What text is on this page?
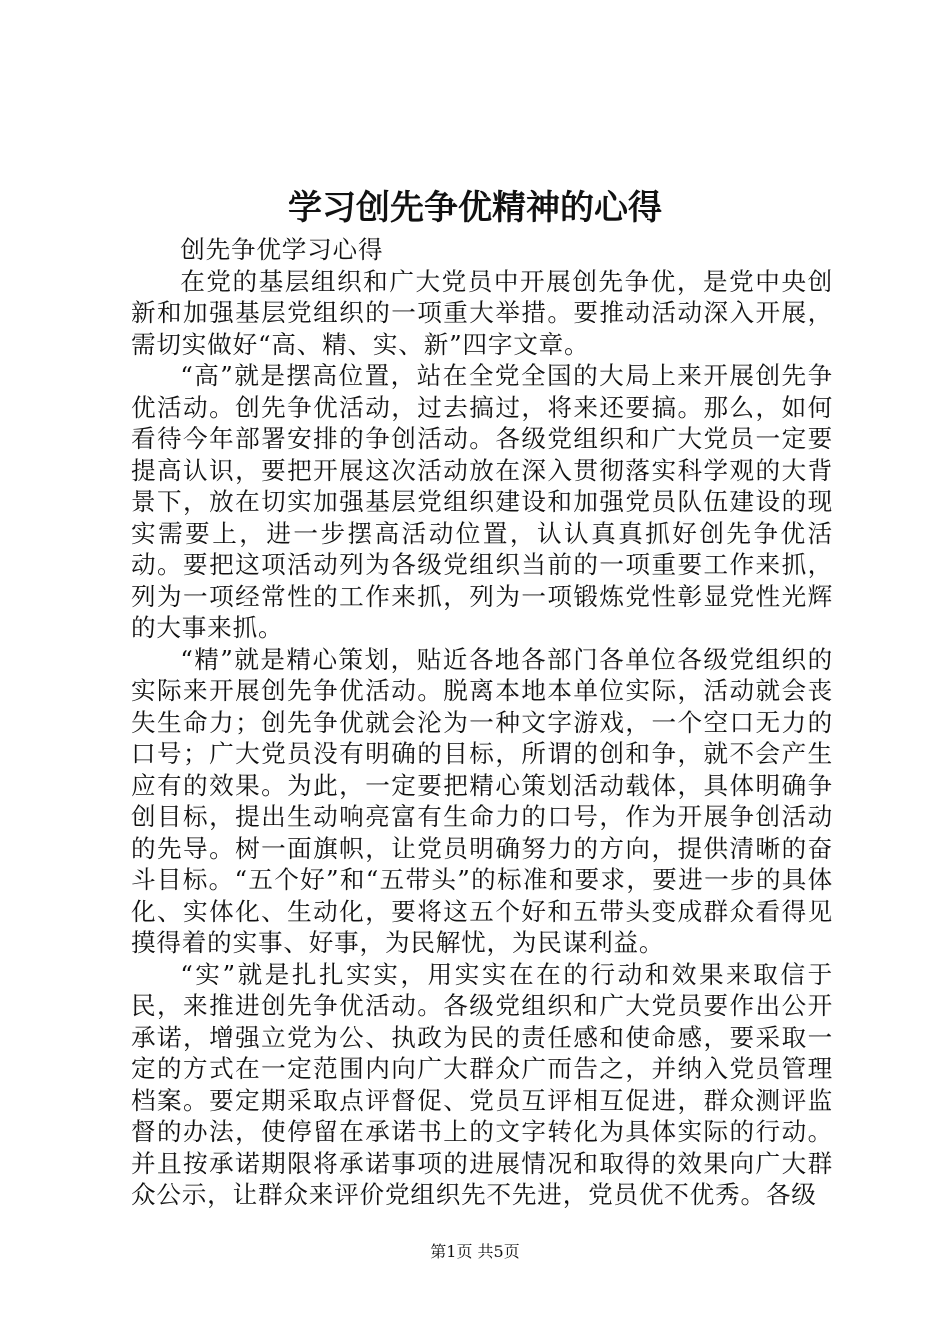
学习创先争优精神的心得

创先争优学习心得

在党的基层组织和广大党员中开展创先争优，是党中央创新和加强基层党组织的一项重大举措。要推动活动深入开展，需切实做好“高、精、实、新”四字文章。

“高”就是摆高位置，站在全党全国的大局上来开展创先争优活动。创先争优活动，过去搞过，将来还要搞。那么，如何看待今年部署安排的争创活动。各级党组织和广大党员一定要提高认识，要把开展这次活动放在深入贯彻落实科学观的大背景下，放在切实加强基层党组织建设和加强党员队伍建设的现实需要上，进一步摆高活动位置，认认真真抓好创先争优活动。要把这项活动列为各级党组织当前的一项重要工作来抓，列为一项经常性的工作来抓，列为一项锻炼党性彰显党性光辉的大事来抓。

“精”就是精心策划，贴近各地各部门各单位各级党组织的实际来开展创先争优活动。脱离本地本单位实际，活动就会丧失生命力；创先争优就会沦为一种文字游戏，一个空口无力的口号；广大党员没有明确的目标，所谓的创和争，就不会产生应有的效果。为此，一定要把精心策划活动载体，具体明确争创目标，提出生动响亮富有生命力的口号，作为开展争创活动的先导。树一面旗帜，让党员明确努力的方向，提供清晰的奋斗目标。“五个好”和“五带头”的标准和要求，要进一步的具体化、实体化、生动化，要将这五个好和五带头变成群众看得见摸得着的实事、好事，为民解忧，为民谋利益。

“实”就是扎扎实实，用实实在在的行动和效果来取信于民，来推进创先争优活动。各级党组织和广大党员要作出公开承诺，增强立党为公、执政为民的责任感和使命感，要采取一定的方式在一定范围内向广大群众广而告之，并纳入党员管理档案。要定期采取点评督促、党员互评相互促进，群众测评监督的办法，使停留在承诺书上的文字转化为具体实际的行动。并且按承诺期限将承诺事项的进展情况和取得的效果向广大群众公示，让群众来评价党组织先不先进，党员优不优秀。各级

第1页 共5页
